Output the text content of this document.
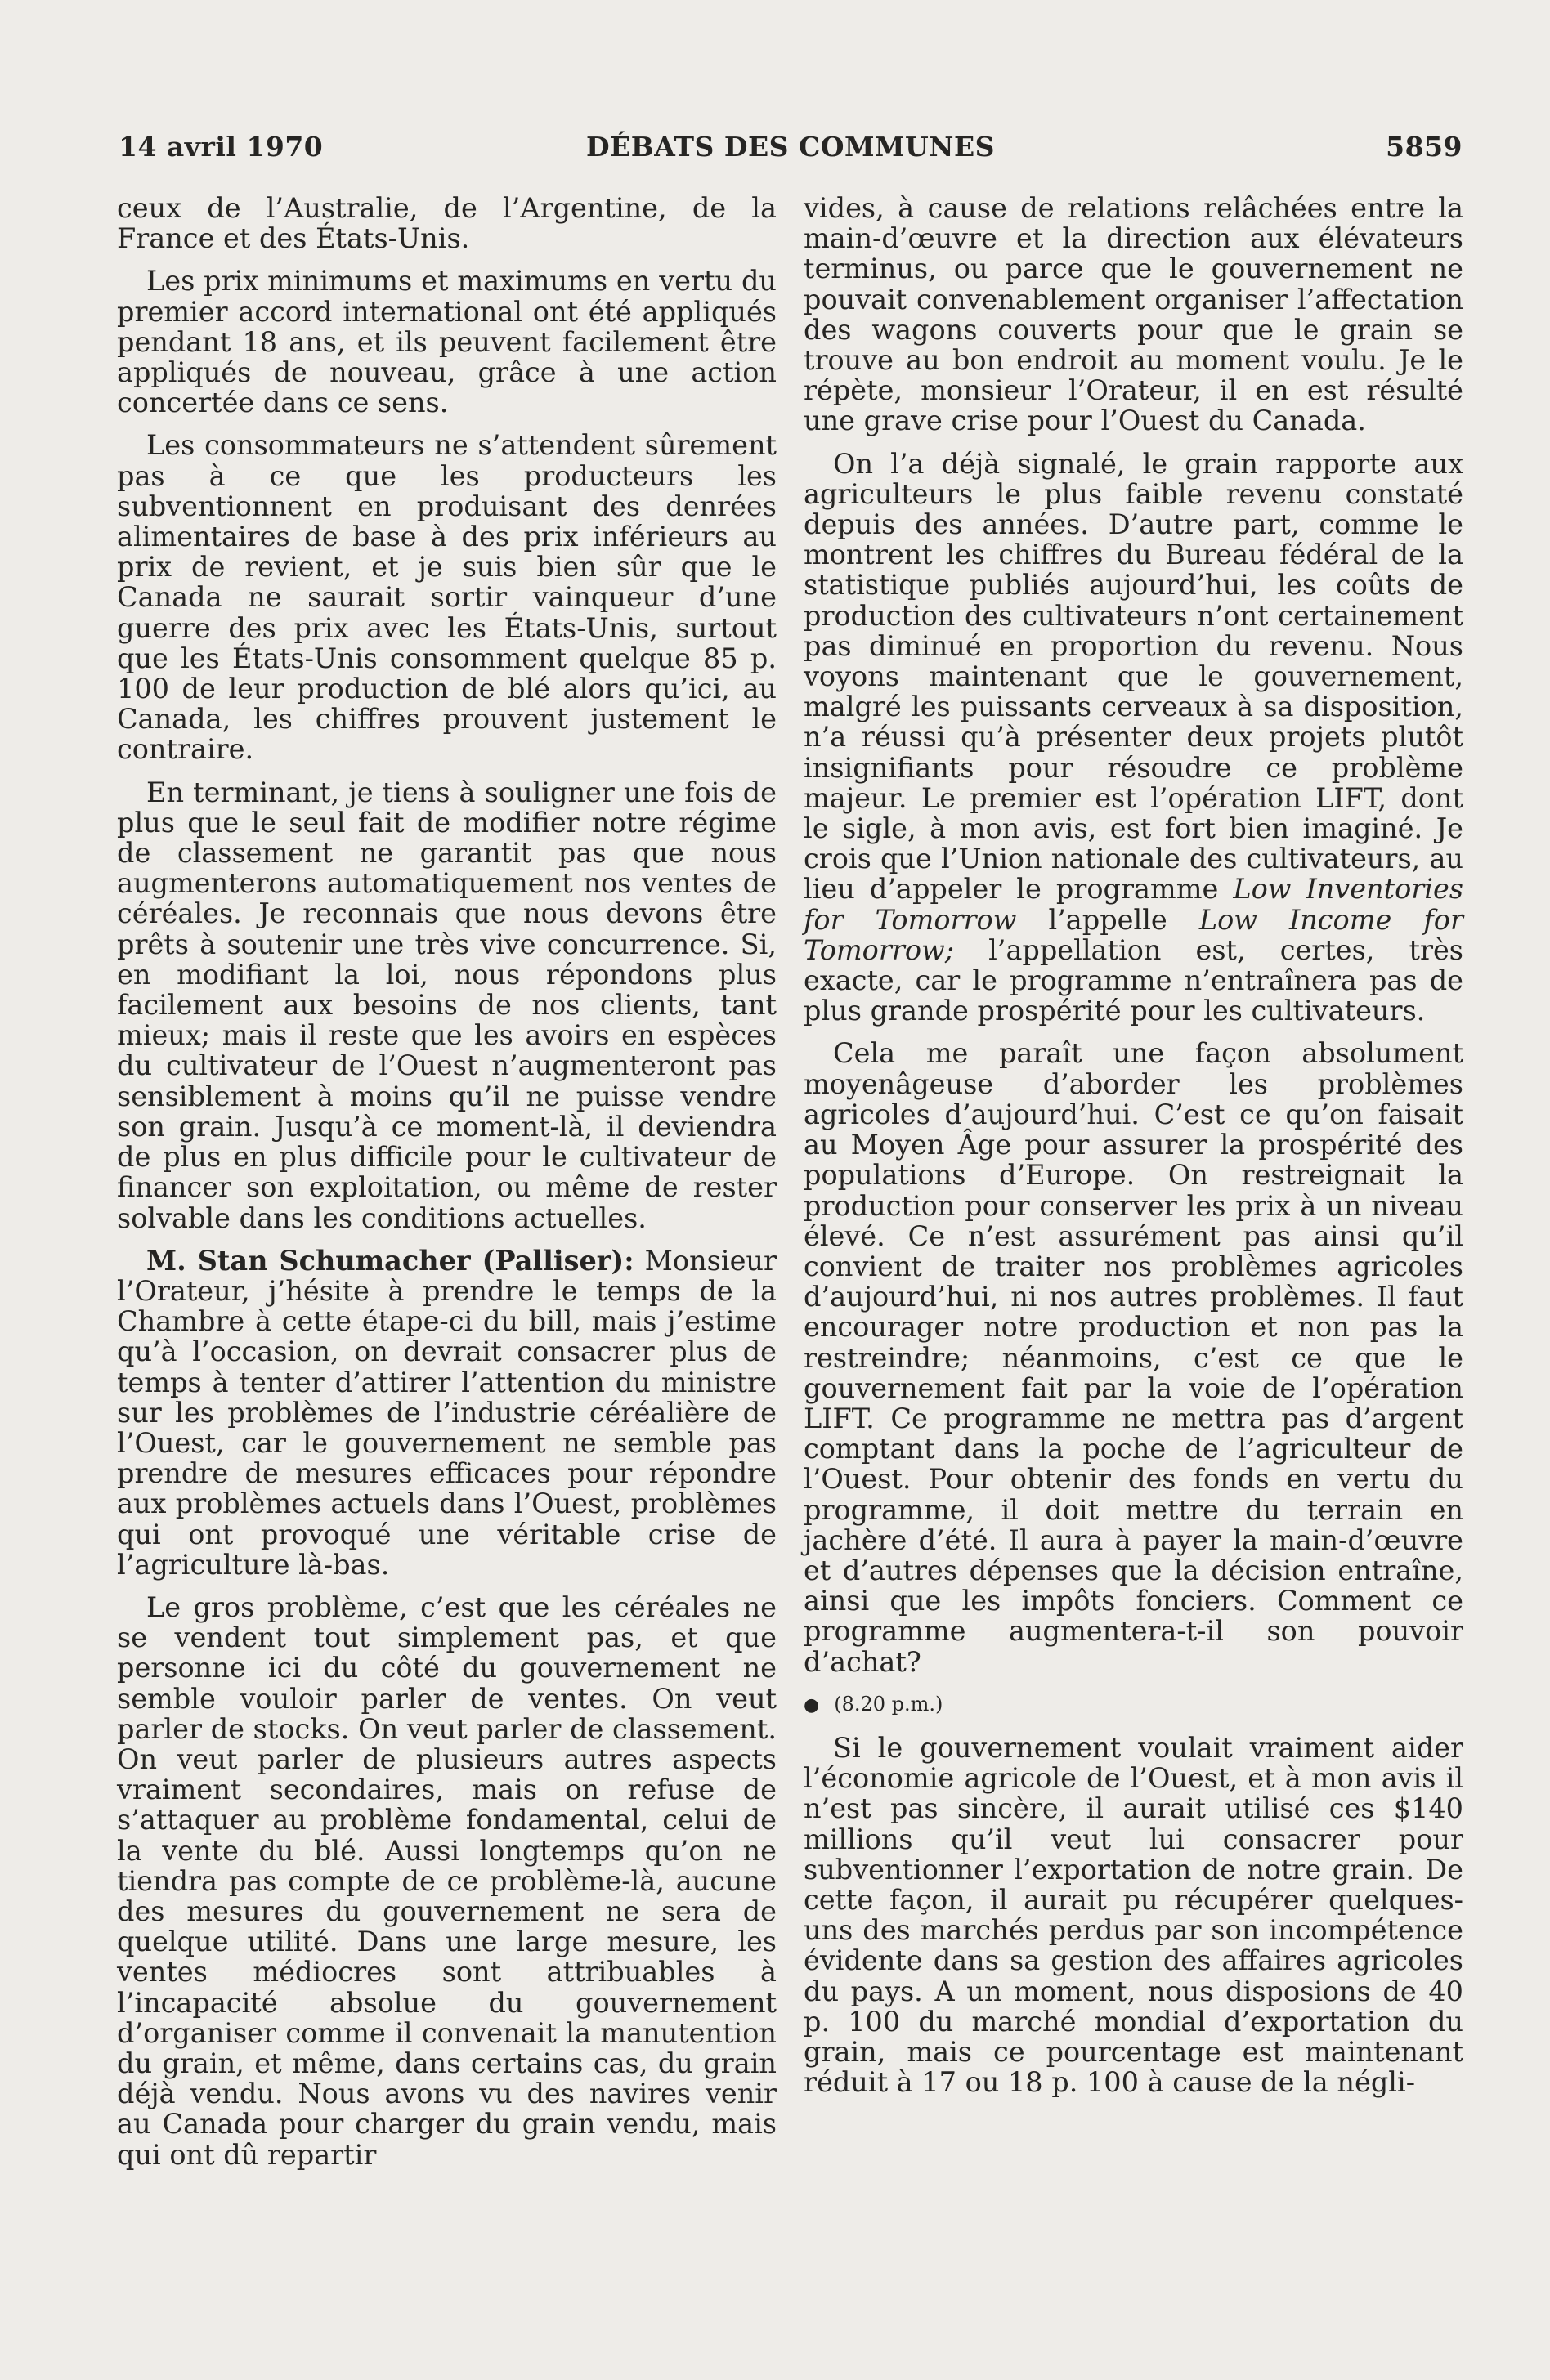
14 avril 1970	DÉBATS DES COMMUNES	5859

ceux de l’Australie, de l’Argentine, de la France et des États-Unis.

Les prix minimums et maximums en vertu du premier accord international ont été appliqués pendant 18 ans, et ils peuvent facilement être appliqués de nouveau, grâce à une action concertée dans ce sens.

Les consommateurs ne s’attendent sûrement pas à ce que les producteurs les subventionnent en produisant des denrées alimentaires de base à des prix inférieurs au prix de revient, et je suis bien sûr que le Canada ne saurait sortir vainqueur d’une guerre des prix avec les États-Unis, surtout que les États-Unis consomment quelque 85 p. 100 de leur production de blé alors qu’ici, au Canada, les chiffres prouvent justement le contraire.

En terminant, je tiens à souligner une fois de plus que le seul fait de modifier notre régime de classement ne garantit pas que nous augmenterons automatiquement nos ventes de céréales. Je reconnais que nous devons être prêts à soutenir une très vive concurrence. Si, en modifiant la loi, nous répondons plus facilement aux besoins de nos clients, tant mieux; mais il reste que les avoirs en espèces du cultivateur de l’Ouest n’augmenteront pas sensiblement à moins qu’il ne puisse vendre son grain. Jusqu’à ce moment-là, il deviendra de plus en plus difficile pour le cultivateur de financer son exploitation, ou même de rester solvable dans les conditions actuelles.

M. Stan Schumacher (Palliser): Monsieur l’Orateur, j’hésite à prendre le temps de la Chambre à cette étape-ci du bill, mais j’estime qu’à l’occasion, on devrait consacrer plus de temps à tenter d’attirer l’attention du ministre sur les problèmes de l’industrie céréalière de l’Ouest, car le gouvernement ne semble pas prendre de mesures efficaces pour répondre aux problèmes actuels dans l’Ouest, problèmes qui ont provoqué une véritable crise de l’agriculture là-bas.

Le gros problème, c’est que les céréales ne se vendent tout simplement pas, et que personne ici du côté du gouvernement ne semble vouloir parler de ventes. On veut parler de stocks. On veut parler de classement. On veut parler de plusieurs autres aspects vraiment secondaires, mais on refuse de s’attaquer au problème fondamental, celui de la vente du blé. Aussi longtemps qu’on ne tiendra pas compte de ce problème-là, aucune des mesures du gouvernement ne sera de quelque utilité. Dans une large mesure, les ventes médiocres sont attribuables à l’incapacité absolue du gouvernement d’organiser comme il convenait la manutention du grain, et même, dans certains cas, du grain déjà vendu. Nous avons vu des navires venir au Canada pour charger du grain vendu, mais qui ont dû repartir

vides, à cause de relations relâchées entre la main-d’œuvre et la direction aux élévateurs terminus, ou parce que le gouvernement ne pouvait convenablement organiser l’affectation des wagons couverts pour que le grain se trouve au bon endroit au moment voulu. Je le répète, monsieur l’Orateur, il en est résulté une grave crise pour l’Ouest du Canada.

On l’a déjà signalé, le grain rapporte aux agriculteurs le plus faible revenu constaté depuis des années. D’autre part, comme le montrent les chiffres du Bureau fédéral de la statistique publiés aujourd’hui, les coûts de production des cultivateurs n’ont certainement pas diminué en proportion du revenu. Nous voyons maintenant que le gouvernement, malgré les puissants cerveaux à sa disposition, n’a réussi qu’à présenter deux projets plutôt insignifiants pour résoudre ce problème majeur. Le premier est l’opération LIFT, dont le sigle, à mon avis, est fort bien imaginé. Je crois que l’Union nationale des cultivateurs, au lieu d’appeler le programme Low Inventories for Tomorrow l’appelle Low Income for Tomorrow; l’appellation est, certes, très exacte, car le programme n’entraînera pas de plus grande prospérité pour les cultivateurs.

Cela me paraît une façon absolument moyenâgeuse d’aborder les problèmes agricoles d’aujourd’hui. C’est ce qu’on faisait au Moyen Âge pour assurer la prospérité des populations d’Europe. On restreignait la production pour conserver les prix à un niveau élevé. Ce n’est assurément pas ainsi qu’il convient de traiter nos problèmes agricoles d’aujourd’hui, ni nos autres problèmes. Il faut encourager notre production et non pas la restreindre; néanmoins, c’est ce que le gouvernement fait par la voie de l’opération LIFT. Ce programme ne mettra pas d’argent comptant dans la poche de l’agriculteur de l’Ouest. Pour obtenir des fonds en vertu du programme, il doit mettre du terrain en jachère d’été. Il aura à payer la main-d’œuvre et d’autres dépenses que la décision entraîne, ainsi que les impôts fonciers. Comment ce programme augmentera-t-il son pouvoir d’achat?

● (8.20 p.m.)

Si le gouvernement voulait vraiment aider l’économie agricole de l’Ouest, et à mon avis il n’est pas sincère, il aurait utilisé ces $140 millions qu’il veut lui consacrer pour subventionner l’exportation de notre grain. De cette façon, il aurait pu récupérer quelques-uns des marchés perdus par son incompétence évidente dans sa gestion des affaires agricoles du pays. A un moment, nous disposions de 40 p. 100 du marché mondial d’exportation du grain, mais ce pourcentage est maintenant réduit à 17 ou 18 p. 100 à cause de la négli-
